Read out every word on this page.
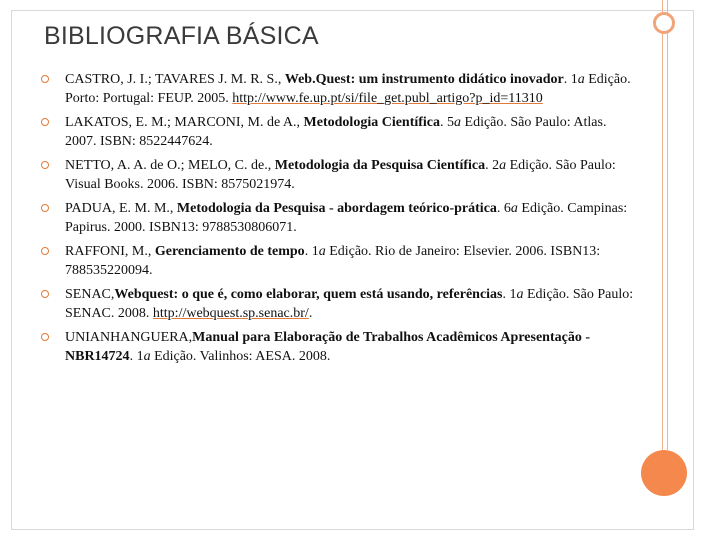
BIBLIOGRAFIA BÁSICA
CASTRO, J. I.; TAVARES J. M. R. S., Web.Quest: um instrumento didático inovador. 1a Edição. Porto: Portugal: FEUP. 2005. http://www.fe.up.pt/si/file_get.publ_artigo?p_id=11310
LAKATOS, E. M.; MARCONI, M. de A., Metodologia Científica. 5a Edição. São Paulo: Atlas. 2007. ISBN: 8522447624.
NETTO, A. A. de O.; MELO, C. de., Metodologia da Pesquisa Científica. 2a Edição. São Paulo: Visual Books. 2006. ISBN: 8575021974.
PADUA, E. M. M., Metodologia da Pesquisa - abordagem teórico-prática. 6a Edição. Campinas: Papirus. 2000. ISBN13: 9788530806071.
RAFFONI, M., Gerenciamento de tempo. 1a Edição. Rio de Janeiro: Elsevier. 2006. ISBN13: 788535220094.
SENAC,Webquest: o que é, como elaborar, quem está usando, referências. 1a Edição. São Paulo: SENAC. 2008. http://webquest.sp.senac.br/.
UNIANHANGUERA,Manual para Elaboração de Trabalhos Acadêmicos Apresentação - NBR14724. 1a Edição. Valinhos: AESA. 2008.
